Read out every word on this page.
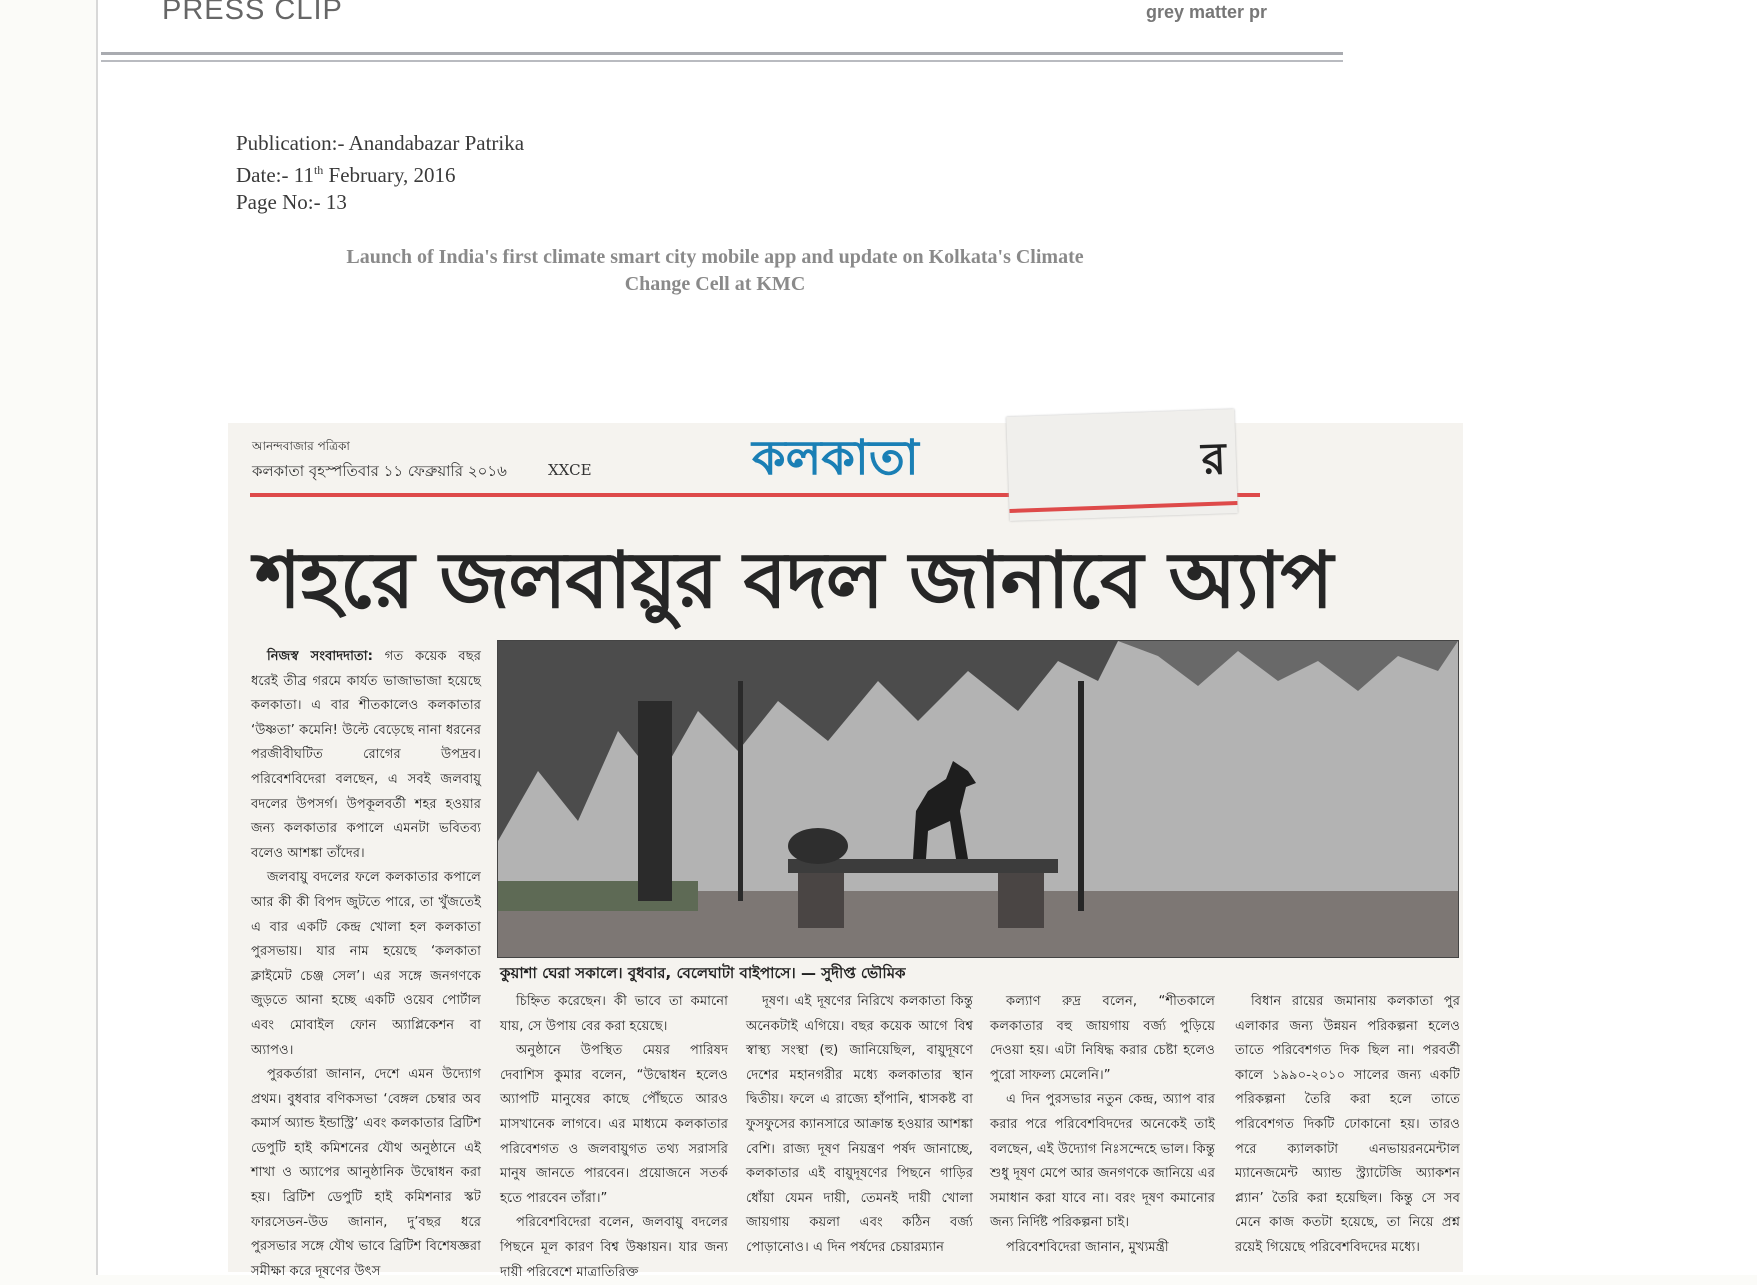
PRESS CLIP	grey matter pr
Publication:- Anandabazar Patrika
Date:- 11th February, 2016
Page No:- 13
Launch of India's first climate smart city mobile app and update on Kolkata's Climate
Change Cell at KMC
আনন্দবাজার পত্রিকা
কলকাতা বৃহস্পতিবার ১১ ফেব্রুয়ারি ২০১৬	XXCE	কলকাতা	র
শহরে জলবায়ুর বদল জানাবে অ্যাপ
কুয়াশা ঘেরা সকালে। বুধবার, বেলেঘাটা বাইপাসে। — সুদীপ্ত ভৌমিক

নিজস্ব সংবাদদাতা: গত কয়েক বছর ধরেই তীব্র গরমে কার্যত ভাজাভাজা হয়েছে কলকাতা। এ বার শীতকালেও কলকাতার ‘উষ্ণতা’ কমেনি! উল্টে বেড়েছে নানা ধরনের পরজীবীঘটিত রোগের উপদ্রব। পরিবেশবিদেরা বলছেন, এ সবই জলবায়ু বদলের উপসর্গ। উপকূলবর্তী শহর হওয়ার জন্য কলকাতার কপালে এমনটা ভবিতব্য বলেও আশঙ্কা তাঁদের।

জলবায়ু বদলের ফলে কলকাতার কপালে আর কী কী বিপদ জুটতে পারে, তা খুঁজতেই এ বার একটি কেন্দ্র খোলা হল কলকাতা পুরসভায়। যার নাম হয়েছে ‘কলকাতা ক্লাইমেট চেঞ্জ সেল’। এর সঙ্গে জনগণকে জুড়তে আনা হচ্ছে একটি ওয়েব পোর্টাল এবং মোবাইল ফোন অ্যাপ্লিকেশন বা অ্যাপও।

পুরকর্তারা জানান, দেশে এমন উদ্যোগ প্রথম। বুধবার বণিকসভা ‘বেঙ্গল চেম্বার অব কমার্স অ্যান্ড ইন্ডাস্ট্রি’ এবং কলকাতার ব্রিটিশ ডেপুটি হাই কমিশনের যৌথ অনুষ্ঠানে এই শাখা ও অ্যাপের আনুষ্ঠানিক উদ্বোধন করা হয়। ব্রিটিশ ডেপুটি হাই কমিশনার স্কট ফারসেডন-উড জানান, দু’বছর ধরে পুরসভার সঙ্গে যৌথ ভাবে ব্রিটিশ বিশেষজ্ঞরা সমীক্ষা করে দূষণের উৎস

চিহ্নিত করেছেন। কী ভাবে তা কমানো যায়, সে উপায় বের করা হয়েছে।

অনুষ্ঠানে উপস্থিত মেয়র পারিষদ দেবাশিস কুমার বলেন, “উদ্বোধন হলেও অ্যাপটি মানুষের কাছে পৌঁছতে আরও মাসখানেক লাগবে। এর মাধ্যমে কলকাতার পরিবেশগত ও জলবায়ুগত তথ্য সরাসরি মানুষ জানতে পারবেন। প্রয়োজনে সতর্ক হতে পারবেন তাঁরা।”

পরিবেশবিদেরা বলেন, জলবায়ু বদলের পিছনে মূল কারণ বিশ্ব উষ্ণায়ন। যার জন্য দায়ী পরিবেশে মাত্রাতিরিক্ত

দূষণ। এই দূষণের নিরিখে কলকাতা কিন্তু অনেকটাই এগিয়ে। বছর কয়েক আগে বিশ্ব স্বাস্থ্য সংস্থা (হু) জানিয়েছিল, বায়ুদূষণে দেশের মহানগরীর মধ্যে কলকাতার স্থান দ্বিতীয়। ফলে এ রাজ্যে হাঁপানি, শ্বাসকষ্ট বা ফুসফুসের ক্যানসারে আক্রান্ত হওয়ার আশঙ্কা বেশি। রাজ্য দূষণ নিয়ন্ত্রণ পর্ষদ জানাচ্ছে, কলকাতার এই বায়ুদূষণের পিছনে গাড়ির ধোঁয়া যেমন দায়ী, তেমনই দায়ী খোলা জায়গায় কয়লা এবং কঠিন বর্জ্য পোড়ানোও। এ দিন পর্ষদের চেয়ারম্যান

কল্যাণ রুদ্র বলেন, “শীতকালে কলকাতার বহু জায়গায় বর্জ্য পুড়িয়ে দেওয়া হয়। এটা নিষিদ্ধ করার চেষ্টা হলেও পুরো সাফল্য মেলেনি।”

এ দিন পুরসভার নতুন কেন্দ্র, অ্যাপ বার করার পরে পরিবেশবিদদের অনেকেই তাই বলছেন, এই উদ্যোগ নিঃসন্দেহে ভাল। কিন্তু শুধু দূষণ মেপে আর জনগণকে জানিয়ে এর সমাধান করা যাবে না। বরং দূষণ কমানোর জন্য নির্দিষ্ট পরিকল্পনা চাই।

পরিবেশবিদেরা জানান, মুখ্যমন্ত্রী

বিধান রায়ের জমানায় কলকাতা পুর এলাকার জন্য উন্নয়ন পরিকল্পনা হলেও তাতে পরিবেশগত দিক ছিল না। পরবর্তী কালে ১৯৯০-২০১০ সালের জন্য একটি পরিকল্পনা তৈরি করা হলে তাতে পরিবেশগত দিকটি ঢোকানো হয়। তারও পরে ক্যালকাটা এনভায়রনমেন্টাল ম্যানেজমেন্ট অ্যান্ড স্ট্র্যাটেজি অ্যাকশন প্ল্যান’ তৈরি করা হয়েছিল। কিন্তু সে সব মেনে কাজ কতটা হয়েছে, তা নিয়ে প্রশ্ন রয়েই গিয়েছে পরিবেশবিদদের মধ্যে।
